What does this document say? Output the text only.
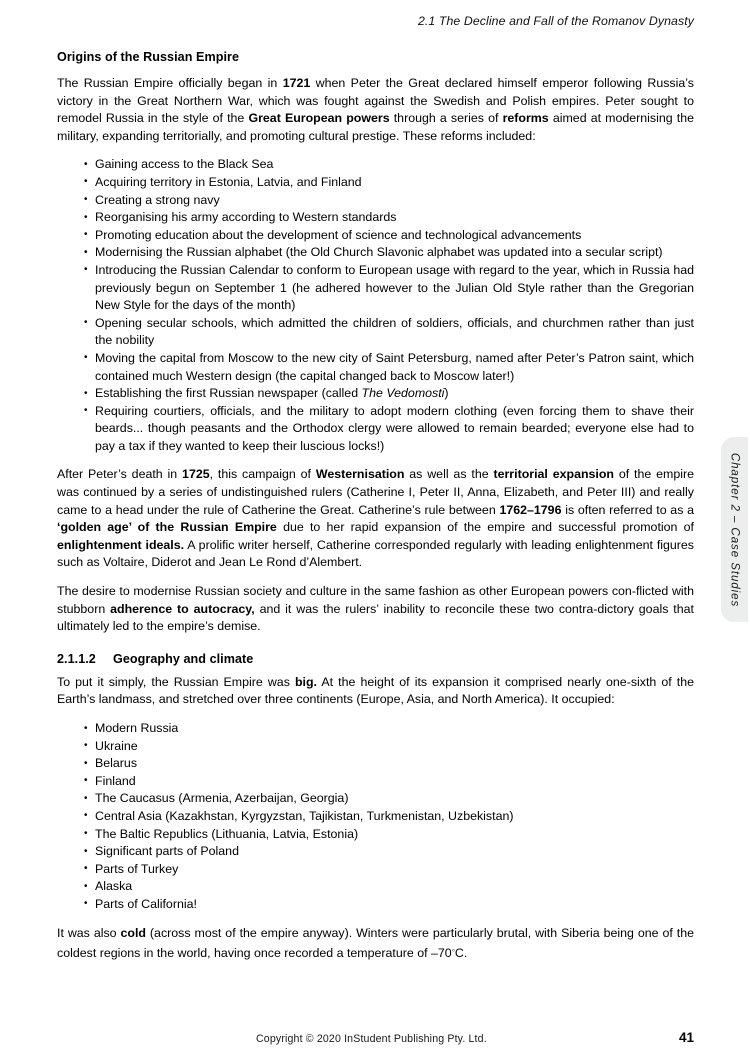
2.1 The Decline and Fall of the Romanov Dynasty
Origins of the Russian Empire

The Russian Empire officially began in 1721 when Peter the Great declared himself emperor following Russia’s victory in the Great Northern War, which was fought against the Swedish and Polish empires. Peter sought to remodel Russia in the style of the Great European powers through a series of reforms aimed at modernising the military, expanding territorially, and promoting cultural prestige. These reforms included:

• Gaining access to the Black Sea
• Acquiring territory in Estonia, Latvia, and Finland
• Creating a strong navy
• Reorganising his army according to Western standards
• Promoting education about the development of science and technological advancements
• Modernising the Russian alphabet (the Old Church Slavonic alphabet was updated into a secular script)
• Introducing the Russian Calendar to conform to European usage with regard to the year, which in Russia had previously begun on September 1 (he adhered however to the Julian Old Style rather than the Gregorian New Style for the days of the month)
• Opening secular schools, which admitted the children of soldiers, officials, and churchmen rather than just the nobility
• Moving the capital from Moscow to the new city of Saint Petersburg, named after Peter’s Patron saint, which contained much Western design (the capital changed back to Moscow later!)
• Establishing the first Russian newspaper (called The Vedomosti)
• Requiring courtiers, officials, and the military to adopt modern clothing (even forcing them to shave their beards... though peasants and the Orthodox clergy were allowed to remain bearded; everyone else had to pay a tax if they wanted to keep their luscious locks!)

After Peter’s death in 1725, this campaign of Westernisation as well as the territorial expansion of the empire was continued by a series of undistinguished rulers (Catherine I, Peter II, Anna, Elizabeth, and Peter III) and really came to a head under the rule of Catherine the Great. Catherine’s rule between 1762–1796 is often referred to as a ‘golden age’ of the Russian Empire due to her rapid expansion of the empire and successful promotion of enlightenment ideals. A prolific writer herself, Catherine corresponded regularly with leading enlightenment figures such as Voltaire, Diderot and Jean Le Rond d’Alembert.

The desire to modernise Russian society and culture in the same fashion as other European powers con-flicted with stubborn adherence to autocracy, and it was the rulers’ inability to reconcile these two contra-dictory goals that ultimately led to the empire’s demise.

2.1.1.2 Geography and climate

To put it simply, the Russian Empire was big. At the height of its expansion it comprised nearly one-sixth of the Earth’s landmass, and stretched over three continents (Europe, Asia, and North America). It occupied:

• Modern Russia
• Ukraine
• Belarus
• Finland
• The Caucasus (Armenia, Azerbaijan, Georgia)
• Central Asia (Kazakhstan, Kyrgyzstan, Tajikistan, Turkmenistan, Uzbekistan)
• The Baltic Republics (Lithuania, Latvia, Estonia)
• Significant parts of Poland
• Parts of Turkey
• Alaska
• Parts of California!

It was also cold (across most of the empire anyway). Winters were particularly brutal, with Siberia being one of the coldest regions in the world, having once recorded a temperature of –70◦C.

Chapter 2 – Case Studies
Copyright © 2020 InStudent Publishing Pty. Ltd.	41
